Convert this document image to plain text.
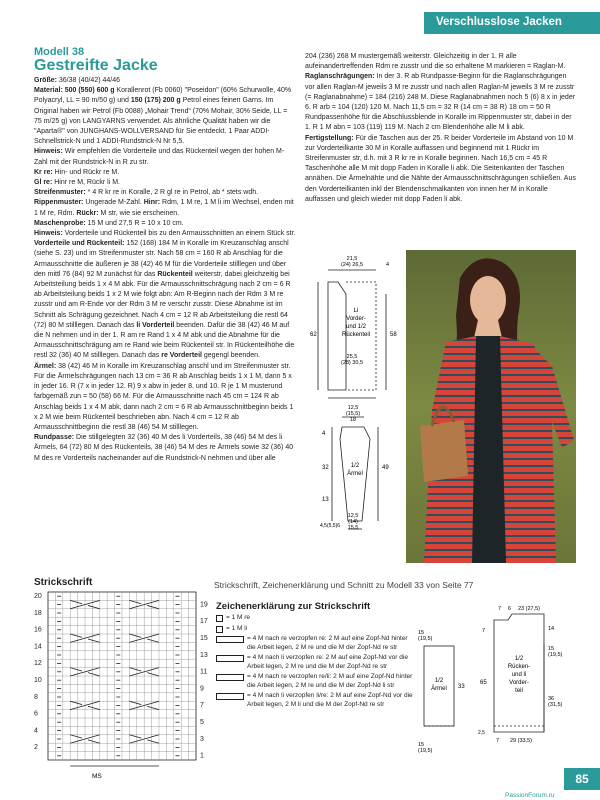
Verschlusslose Jacken
Modell 38
Gestreifte Jacke

Größe: 36/38 (40/42) 44/46

Material: 500 (550) 600 g Korallenrot (Fb 0060) "Poseidon" (60% Schurwolle, 40% Polyacryl, LL = 90 m/50 g) und 150 (175) 200 g Petrol eines feinen Garns. Im Original haben wir Petrol (Fb 0088) „Mohair Trend“ (70% Mohair, 30% Seide, LL = 75 m/25 g) von LANGYARNS verwendet. Als ähnliche Qualität haben wir die "Aparta®" von JUNGHANS-WOLLVERSAND für Sie entdeckt. 1 Paar ADDI-Schnellstrick-N und 1 ADDI-Rundstrick-N Nr 5,5.

Hinweis: Wir empfehlen die Vorderteile und das Rückenteil wegen der hohen M-Zahl mit der Rundstrick-N in R zu str.

Kr re: Hin- und Rückr re M.

Gl re: Hinr re M, Rückr li M.

Streifenmuster: * 4 R kr re in Koralle, 2 R gl re in Petrol, ab * stets wdh.

Rippenmuster: Ungerade M-Zahl. Hinr: Rdm, 1 M re, 1 M li im Wechsel, enden mit 1 M re, Rdm. Rückr: M str, wie sie erscheinen.

Maschenprobe: 15 M und 27,5 R = 10 x 10 cm.

Hinweis: Vorderteile und Rückenteil bis zu den Armausschnitten an einem Stück str.

Vorderteile und Rückenteil: 152 (168) 184 M in Koralle im Kreuzanschlag anschl (siehe S. 23) und im Streifenmuster str. Nach 58 cm = 160 R ab Anschlag für die Armausschnitte die äußeren je 38 (42) 46 M für die Vorderteile stilllegen und über den mittl 76 (84) 92 M zunächst für das Rückenteil weiterstr, dabei gleichzeitig bei Arbeitsteilung beids 1 x 4 M abk. Für die Armausschnittschrägung nach 2 cm = 6 R ab Arbeitsteilung beids 1 x 2 M wie folgt abn: Am R-Beginn nach der Rdm 3 M re zusstr und am R-Ende vor der Rdm 3 M re verschr zusstr. Diese Abnahme ist im Schnitt als Schrägung gezeichnet. Nach 4 cm = 12 R ab Arbeitsteilung die restl 64 (72) 80 M stilllegen. Danach das li Vorderteil beenden. Dafür die 38 (42) 46 M auf die N nehmen und in der 1. R am re Rand 1 x 4 M abk und die Abnahme für die Armausschnittschrägung am re Rand wie beim Rückenteil str. In Rückenteilhöhe die restl 32 (36) 40 M stilllegen. Danach das re Vorderteil gegengl beenden.

Ärmel: 38 (42) 46 M in Koralle im Kreuzanschlag anschl und im Streifenmuster str. Für die Ärmelschrägungen nach 13 cm = 36 R ab Anschlag beids 1 x 1 M, dann 5 x in jeder 16. R (7 x in jeder 12. R) 9 x abw in jeder 8. und 10. R je 1 M musterund farbgemäß zun = 50 (58) 66 M. Für die Armausschnitte nach 45 cm = 124 R ab Anschlag beids 1 x 4 M abk, dann nach 2 cm = 6 R ab Armausschnittbeginn beids 1 x 2 M wie beim Rückenteil beschrieben abn. Nach 4 cm = 12 R ab Armausschnittbeginn die restl 38 (46) 54 M stilllegen.

Rundpasse: Die stillgelegten 32 (36) 40 M des li Vorderteils, 38 (46) 54 M des li Ärmels, 64 (72) 80 M des Rückenteils, 38 (46) 54 M des re Ärmels sowie 32 (36) 40 M des re Vorderteils nacheinander auf die Rundstrick-N nehmen und über alle

204 (236) 268 M mustergemäß weiterstr. Gleichzeitig in der 1. R alle aufeinandertreffenden Rdm re zusstr und die so erhaltene M markieren = Raglan-M.

Raglanschrägungen: In der 3. R ab Rundpasse-Beginn für die Raglanschrägungen vor allen Raglan-M jeweils 3 M re zusstr und nach allen Raglan-M jeweils 3 M re zusstr (= Raglanabnahme) = 184 (216) 248 M. Diese Raglanabnahmen noch 5 (6) 8 x in jeder 6. R arb = 104 (120) 120 M. Nach 11,5 cm = 32 R (14 cm = 38 R) 18 cm = 50 R Rundpassenhöhe für die Abschlussblende in Koralle im Rippenmuster str, dabei in der 1. R 1 M abn = 103 (119) 119 M. Nach 2 cm Blendenhöhe alle M li abk.

Fertigstellung: Für die Taschen aus der 25. R beider Vorderteile im Abstand von 10 M zur Vorderteilkante 30 M in Koralle auffassen und beginnend mit 1 Rückr im Streifenmuster str, d.h. mit 3 R kr re in Koralle beginnen. Nach 16,5 cm = 45 R Taschenhöhe alle M mit dopp Faden in Koralle li abk. Die Seitenkanten der Taschen annähen. Die Ärmelnähte und die Nähte der Armausschnittschrägungen schließen. Aus den Vorderteilkanten inkl der Blendenschmalkanten von innen her M in Koralle auffassen und gleich wieder mit dopp Faden li abk.

21,5 (24) 26,5	4
62	58
25,5 (28) 30,5
Li
Vorder-
und 1/2
Rückenteil
12,5 (15,5) 18
4
32	49
13
12,5 (14) 15,5
4,5(5,5)6
1/2
Ärmel
Strickschrift
20
18
16
14
12
10
8
6
4
2
19
17
15
13
11
9
7
5
3
1
MS
Strickschrift, Zeichenerklärung und Schnitt zu Modell 33 von Seite 77
Zeichenerklärung zur Strickschrift
= 1 M re
= 1 M li
= 4 M nach re verzopfen re: 2 M auf eine Zopf-Nd hinter die Arbeit legen, 2 M re und die M der Zopf-Nd re str
= 4 M nach li verzopfen re: 2 M auf eine Zopf-Nd vor die Arbeit legen, 2 M re und die M der Zopf-Nd re str
= 4 M nach re verzopfen re/li: 2 M auf eine Zopf-Nd hinter die Arbeit legen, 2 M re und die M der Zopf-Nd li str
= 4 M nach li verzopfen li/re: 2 M auf eine Zopf-Nd vor die Arbeit legen, 2 M li und die M der Zopf-Nd re str
15 (19,5)
33
15 (19,5)
1/2
Ärmel
7 6 23 (27,5)
7	14
15 (19,5)
65
36 (31,5)
2,5
7 29 (33,5)
1/2
Rücken-
und li
Vorder-
teil
85
PassionForum.ru
